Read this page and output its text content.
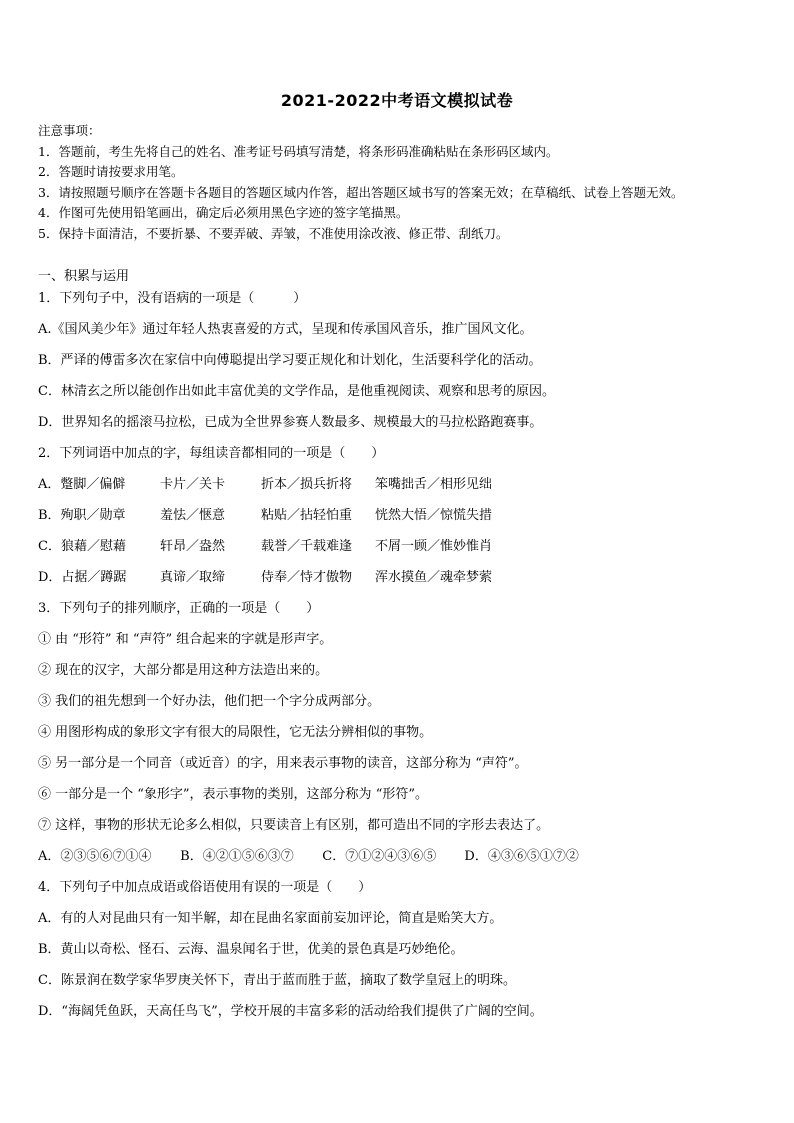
2021-2022中考语文模拟试卷
注意事项：
1．答题前，考生先将自己的姓名、准考证号码填写清楚，将条形码准确粘贴在条形码区域内。
2．答题时请按要求用笔。
3．请按照题号顺序在答题卡各题目的答题区域内作答，超出答题区域书写的答案无效；在草稿纸、试卷上答题无效。
4．作图可先使用铅笔画出，确定后必须用黑色字迹的签字笔描黑。
5．保持卡面清洁，不要折暴、不要弄破、弄皱，不准使用涂改液、修正带、刮纸刀。
一、积累与运用
1．下列句子中，没有语病的一项是（　　　）
A.《国风美少年》通过年轻人热衷喜爱的方式，呈现和传承国风音乐，推广国风文化。
B．严译的傅雷多次在家信中向傅聪提出学习要正规化和计划化，生活要科学化的活动。
C．林清玄之所以能创作出如此丰富优美的文学作品，是他重视阅读、观察和思考的原因。
D．世界知名的摇滚马拉松，已成为全世界参赛人数最多、规模最大的马拉松路跑赛事。
2．下列词语中加点的字，每组读音都相同的一项是（　　）
A．蹩脚／偏僻	卡片／关卡	折本／损兵折将	笨嘴拙舌／相形见绌
B．殉职／勋章	羞怯／惬意	粘贴／拈轻怕重	恍然大悟／惊慌失措
C．狼藉／慰藉	轩昂／盎然	载誉／千载难逢	不屑一顾／惟妙惟肖
D．占据／蹲踞	真谛／取缔	侍奉／恃才傲物	浑水摸鱼／魂牵梦萦
3．下列句子的排列顺序，正确的一项是（　　）
① 由 “形符” 和 “声符” 组合起来的字就是形声字。
② 现在的汉字，大部分都是用这种方法造出来的。
③ 我们的祖先想到一个好办法，他们把一个字分成两部分。
④ 用图形构成的象形文字有很大的局限性，它无法分辨相似的事物。
⑤ 另一部分是一个同音（或近音）的字，用来表示事物的读音，这部分称为 “声符”。
⑥ 一部分是一个 “象形字”，表示事物的类别，这部分称为 “形符”。
⑦ 这样，事物的形状无论多么相似，只要读音上有区别，都可造出不同的字形去表达了。
A．②③⑤⑥⑦①④ B．④②①⑤⑥③⑦ C．⑦①②④③⑥⑤ D．④③⑥⑤①⑦②
4．下列句子中加点成语或俗语使用有误的一项是（　　）
A．有的人对昆曲只有一知半解，却在昆曲名家面前妄加评论，简直是贻笑大方。
B．黄山以奇松、怪石、云海、温泉闻名于世，优美的景色真是巧妙绝伦。
C．陈景润在数学家华罗庚关怀下，青出于蓝而胜于蓝，摘取了数学皇冠上的明珠。
D．“海阔凭鱼跃，天高任鸟飞”，学校开展的丰富多彩的活动给我们提供了广阔的空间。
